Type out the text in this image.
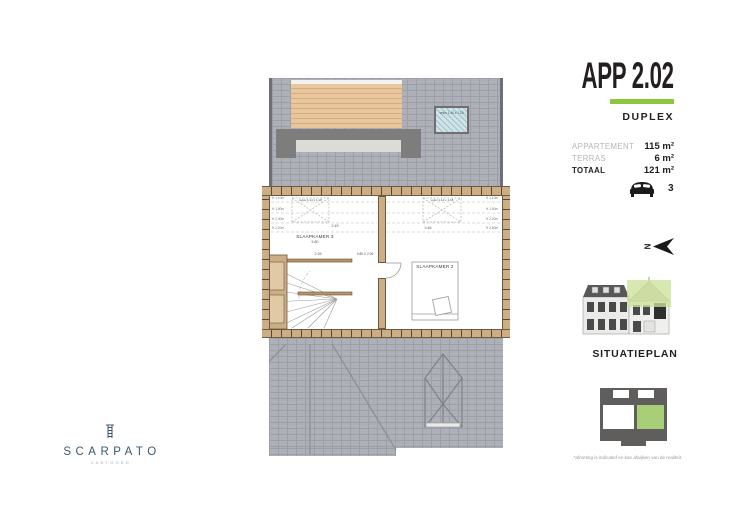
velux 1.40 x 1.18
velux 1.14 x 1.18	velux 1.14 x 1.18
SLAAPKAMER 3
5.80
SLAAPKAMER 2
2.49	3.46
2.25	0.80 X 2.06
H 1.10m
H 1.50m
H 2.40m
H 2.20m
H 1.10m
H 1.50m
H 2.20m
H 2.80m
APP 2.02
DUPLEX
APPARTEMENT 115 m²
TERRAS	6 m²
TOTAAL	121 m²
3
N
SITUATIEPLAN
*afmeting is indicatief en kan afwijken van de realiteit.
SCARPATO
VASTGOED
